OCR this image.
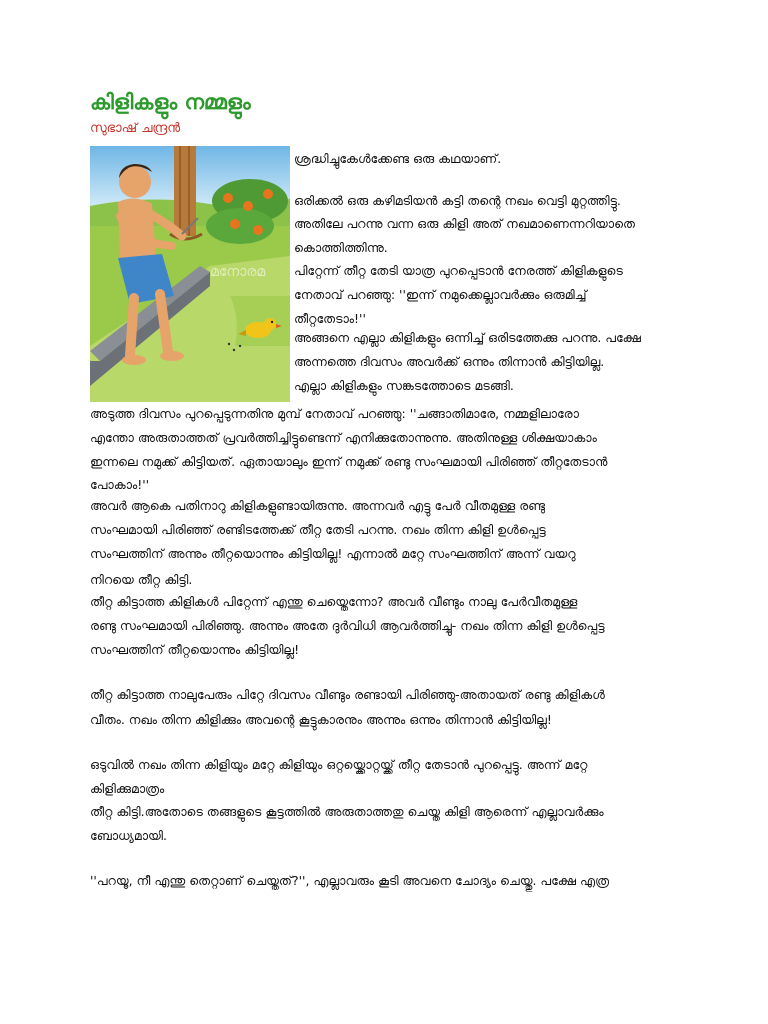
കിളികളും നമ്മളും
സുഭാഷ് ചന്ദ്രൻ
മനോരമ
ശ്രദ്ധിച്ചുകേൾക്കേണ്ട ഒരു കഥയാണ്.
ഒരിക്കൽ ഒരു കഴിമടിയൻ കട്ടി തന്റെ നഖം വെട്ടി മുറ്റത്തിട്ടു.
അതിലേ പറന്നു വന്ന ഒരു കിളി അത് നഖമാണെന്നറിയാതെ
കൊത്തിത്തിന്നു.
പിറ്റേന്ന് തീറ്റ തേടി യാത്ര പുറപ്പെടാൻ നേരത്ത് കിളികളുടെ
നേതാവ് പറഞ്ഞു: ''ഇന്ന് നമുക്കെല്ലാവർക്കും ഒരുമിച്ച്
തീറ്റതേടാം!''
അങ്ങനെ എല്ലാ കിളികളും ഒന്നിച്ച് ഒരിടത്തേക്കു പറന്നു. പക്ഷേ
അന്നത്തെ ദിവസം അവർക്ക് ഒന്നും തിന്നാൻ കിട്ടിയില്ല.
എല്ലാ കിളികളും സങ്കടത്തോടെ മടങ്ങി.
അടുത്ത ദിവസം പുറപ്പെടുന്നതിനു മുമ്പ് നേതാവ് പറഞ്ഞു: ''ചങ്ങാതിമാരേ, നമ്മളിലാരോ
എന്തോ അരുതാത്തത് പ്രവർത്തിച്ചിട്ടുണ്ടെന്ന് എനിക്കുതോന്നുന്നു. അതിനുള്ള ശിക്ഷയാകാം
ഇന്നലെ നമുക്ക് കിട്ടിയത്. ഏതായാലും ഇന്ന് നമുക്ക് രണ്ടു സംഘമായി പിരിഞ്ഞ് തീറ്റതേടാൻ
പോകാം!''
അവർ ആകെ പതിനാറു കിളികളുണ്ടായിരുന്നു. അന്നവർ എട്ടു പേർ വീതമുള്ള രണ്ടു
സംഘമായി പിരിഞ്ഞ് രണ്ടിടത്തേക്ക് തീറ്റ തേടി പറന്നു. നഖം തിന്ന കിളി ഉൾപ്പെട്ട
സംഘത്തിന് അന്നും തീറ്റയൊന്നും കിട്ടിയില്ല! എന്നാൽ മറ്റേ സംഘത്തിന് അന്ന് വയറു
നിറയെ തീറ്റ കിട്ടി.
തീറ്റ കിട്ടാത്ത കിളികൾ പിറ്റേന്ന് എന്തു ചെയ്തെന്നോ? അവർ വീണ്ടും നാലു പേർവീതമുള്ള
രണ്ടു സംഘമായി പിരിഞ്ഞു. അന്നും അതേ ദുർവിധി ആവർത്തിച്ചു- നഖം തിന്ന കിളി ഉൾപ്പെട്ട
സംഘത്തിന് തീറ്റയൊന്നും കിട്ടിയില്ല!
തീറ്റ കിട്ടാത്ത നാലുപേരും പിറ്റേ ദിവസം വീണ്ടും രണ്ടായി പിരിഞ്ഞു-അതായത് രണ്ടു കിളികൾ
വീതം. നഖം തിന്ന കിളിക്കും അവന്റെ കൂട്ടുകാരനും അന്നും ഒന്നും തിന്നാൻ കിട്ടിയില്ല!
ഒടുവിൽ നഖം തിന്ന കിളിയും മറ്റേ കിളിയും ഒറ്റയ്ക്കൊറ്റയ്ക്ക് തീറ്റ തേടാൻ പുറപ്പെട്ടു. അന്ന് മറ്റേ
കിളിക്കുമാത്രം
തീറ്റ കിട്ടി.അതോടെ തങ്ങളുടെ കൂട്ടത്തിൽ അരുതാത്തതു ചെയ്ത കിളി ആരെന്ന് എല്ലാവർക്കും
ബോധ്യമായി.
''പറയൂ, നീ എന്തു തെറ്റാണ് ചെയ്തത്?'', എല്ലാവരും കൂടി അവനെ ചോദ്യം ചെയ്തു. പക്ഷേ എത്ര
